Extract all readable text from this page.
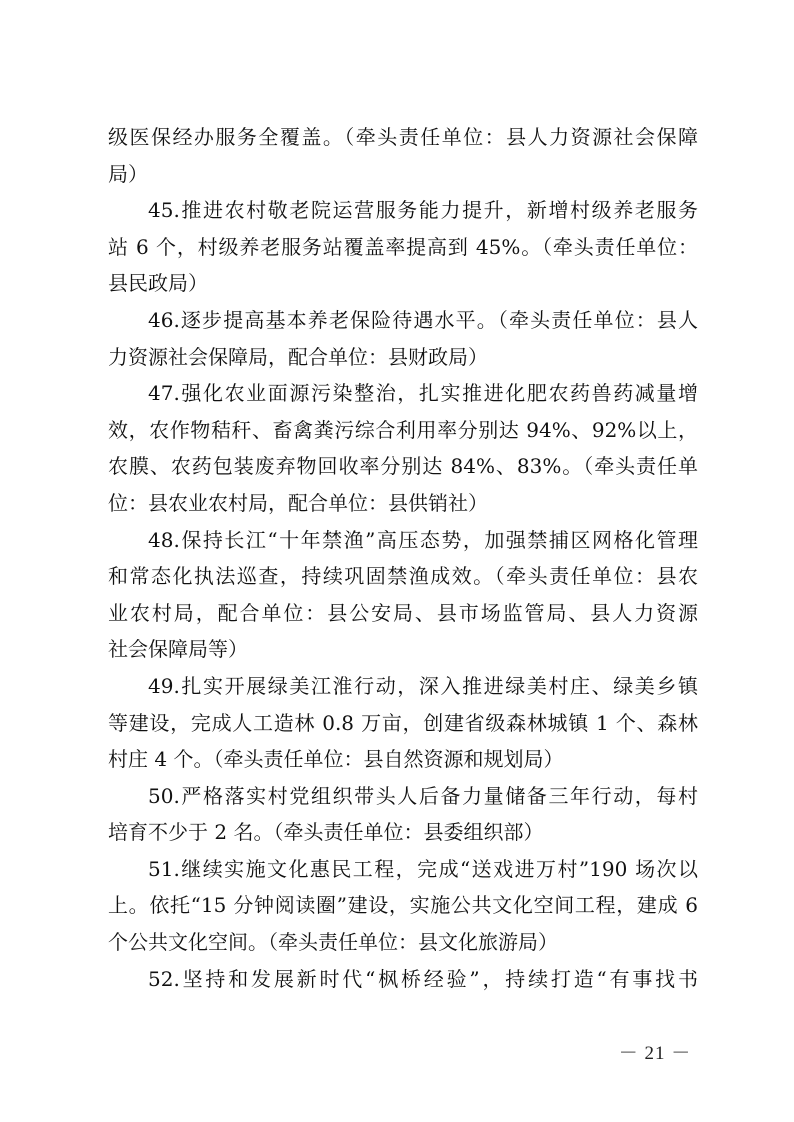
级医保经办服务全覆盖。（牵头责任单位：县人力资源社会保障
局）
45.推进农村敬老院运营服务能力提升，新增村级养老服务
站 6 个，村级养老服务站覆盖率提高到 45%。（牵头责任单位：
县民政局）
46.逐步提高基本养老保险待遇水平。（牵头责任单位：县人
力资源社会保障局，配合单位：县财政局）
47.强化农业面源污染整治，扎实推进化肥农药兽药减量增
效，农作物秸秆、畜禽粪污综合利用率分别达 94%、92%以上，
农膜、农药包装废弃物回收率分别达 84%、83%。（牵头责任单
位：县农业农村局，配合单位：县供销社）
48.保持长江“十年禁渔”高压态势，加强禁捕区网格化管理
和常态化执法巡查，持续巩固禁渔成效。（牵头责任单位：县农
业农村局，配合单位：县公安局、县市场监管局、县人力资源
社会保障局等）
49.扎实开展绿美江淮行动，深入推进绿美村庄、绿美乡镇
等建设，完成人工造林 0.8 万亩，创建省级森林城镇 1 个、森林
村庄 4 个。（牵头责任单位：县自然资源和规划局）
50.严格落实村党组织带头人后备力量储备三年行动，每村
培育不少于 2 名。（牵头责任单位：县委组织部）
51.继续实施文化惠民工程，完成“送戏进万村”190 场次以
上。依托“15 分钟阅读圈”建设，实施公共文化空间工程，建成 6
个公共文化空间。（牵头责任单位：县文化旅游局）
52.坚持和发展新时代“枫桥经验”，持续打造“有事找书
－ 21 －
